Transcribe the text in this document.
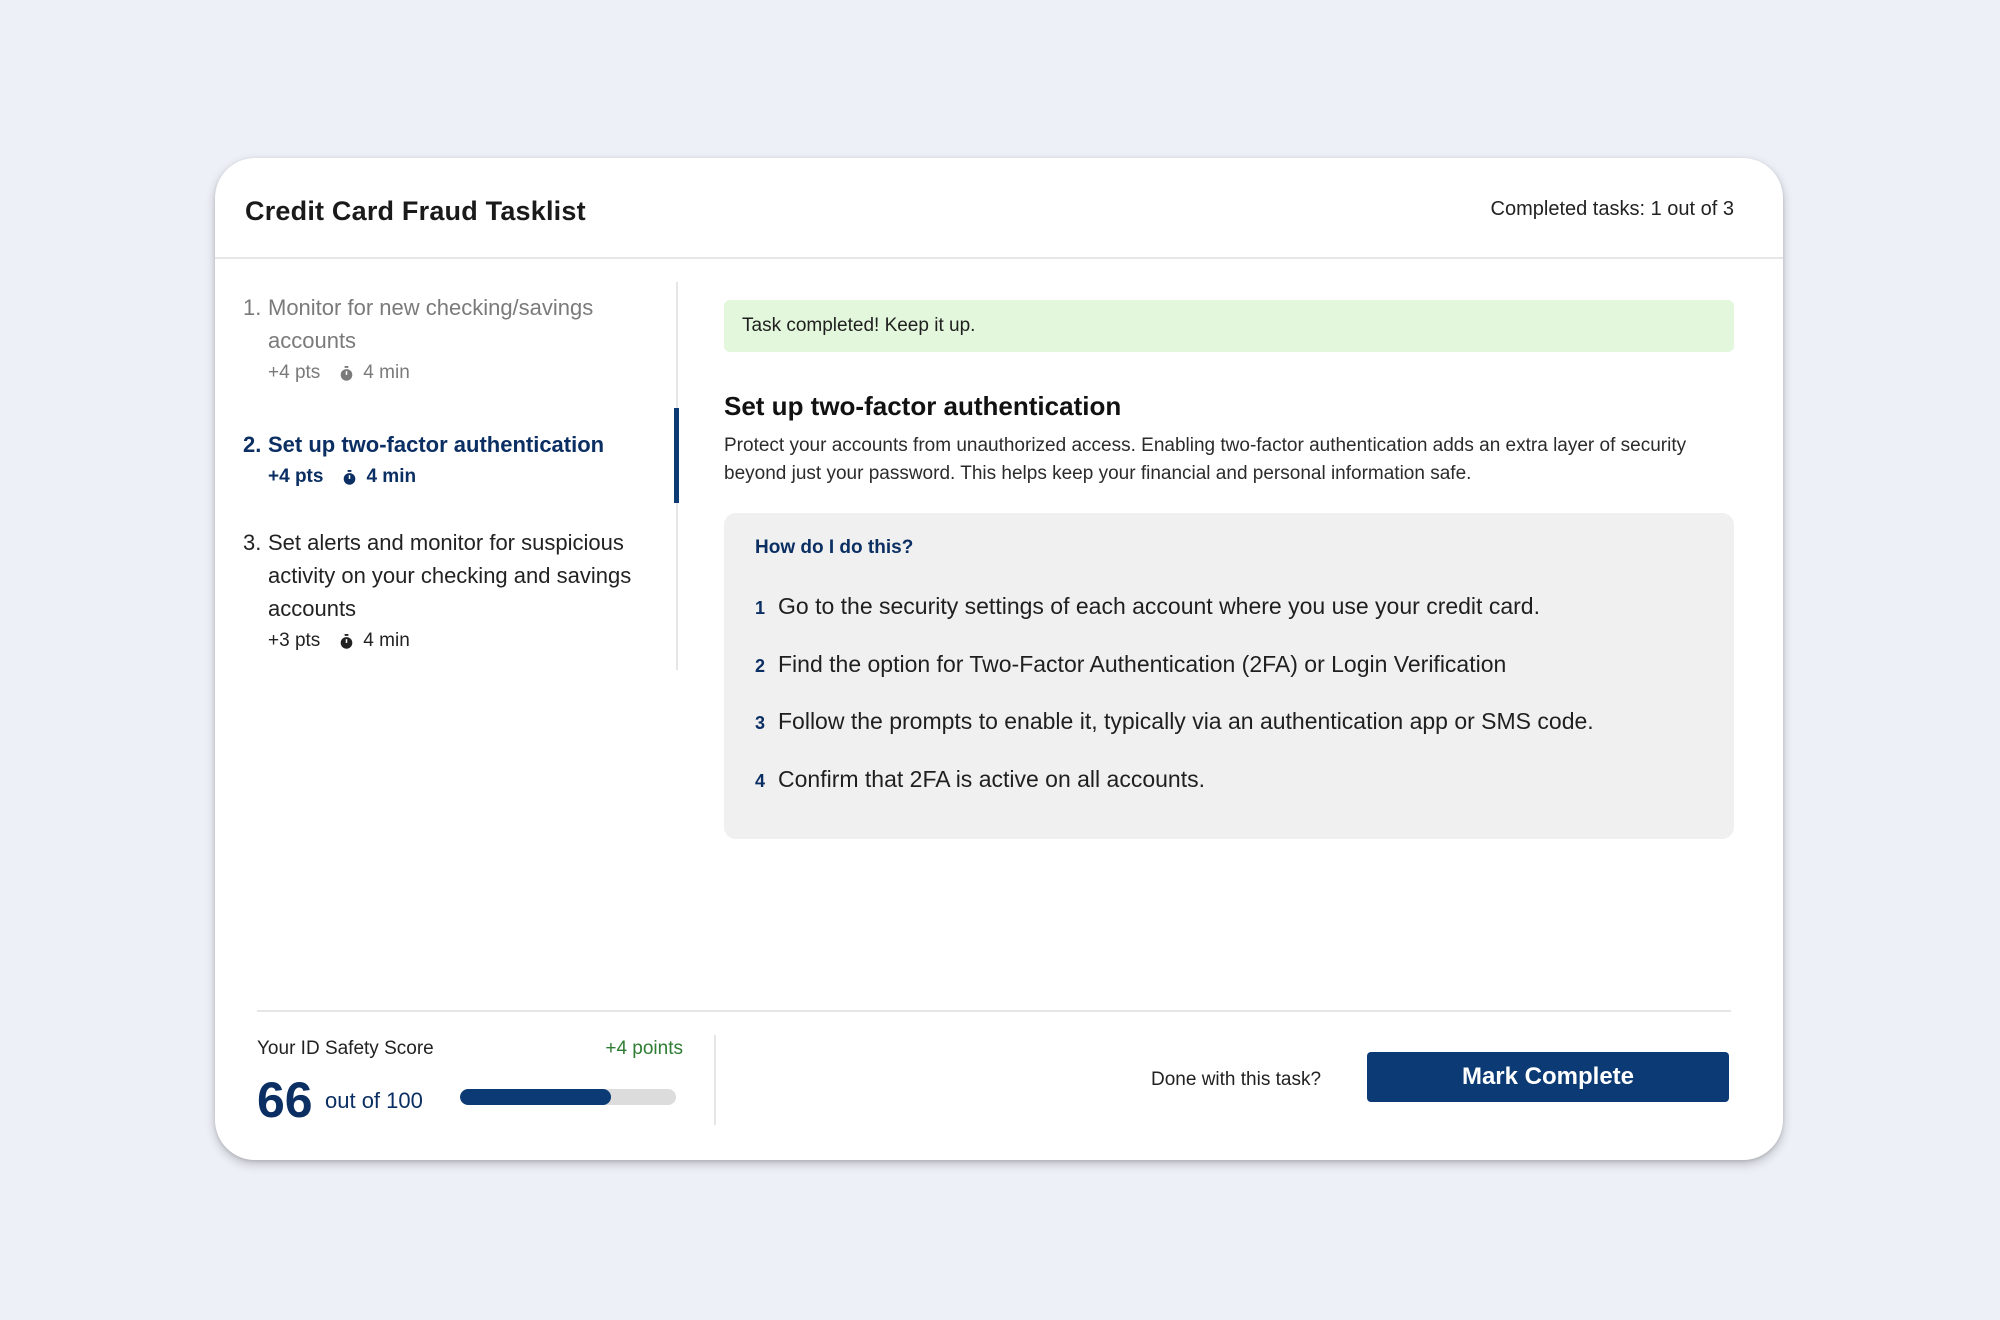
Credit Card Fraud Tasklist	Completed tasks: 1 out of 3
1. Monitor for new checking/savings
accounts
+4 pts 4 min
2. Set up two-factor authentication
+4 pts 4 min
3. Set alerts and monitor for suspicious
activity on your checking and savings
accounts
+3 pts 4 min
Task completed! Keep it up.
Set up two-factor authentication
Protect your accounts from unauthorized access. Enabling two-factor authentication adds an extra layer of security beyond just your password. This helps keep your financial and personal information safe.
How do I do this?
1 Go to the security settings of each account where you use your credit card.
2 Find the option for Two-Factor Authentication (2FA) or Login Verification
3 Follow the prompts to enable it, typically via an authentication app or SMS code.
4 Confirm that 2FA is active on all accounts.
Your ID Safety Score	+4 points
66 out of 100
Done with this task?	Mark Complete
